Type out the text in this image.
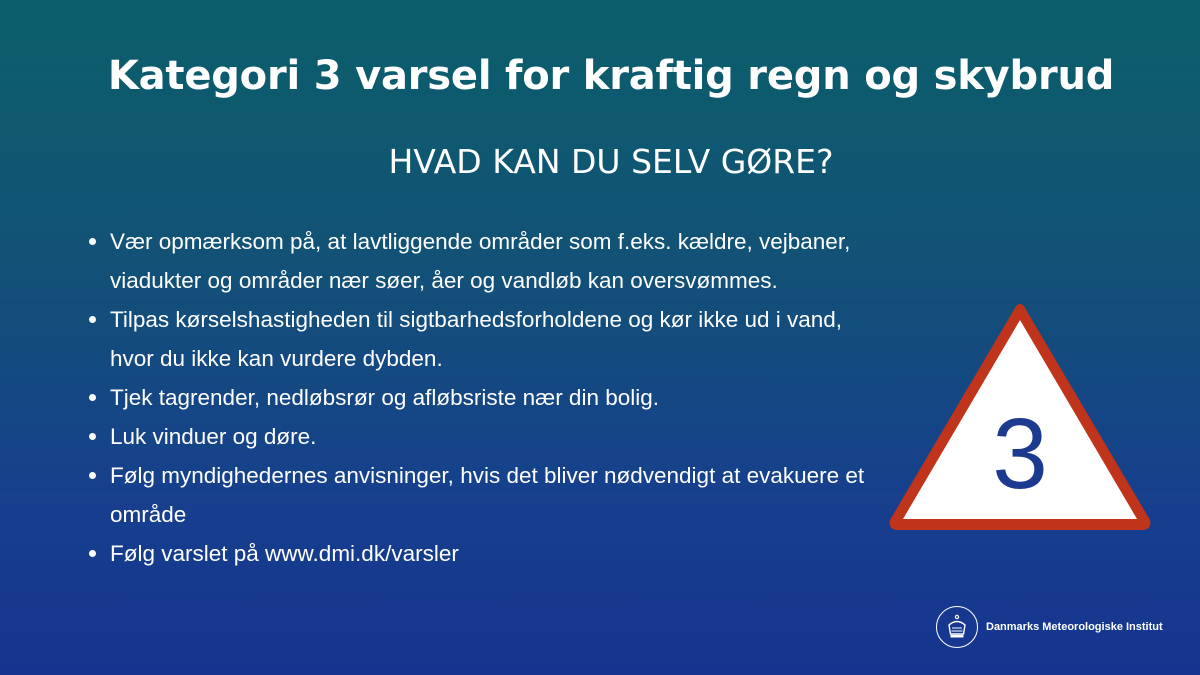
Kategori 3 varsel for kraftig regn og skybrud
HVAD KAN DU SELV GØRE?
Vær opmærksom på, at lavtliggende områder som f.eks. kældre, vejbaner, viadukter og områder nær søer, åer og vandløb kan oversvømmes.
Tilpas kørselshastigheden til sigtbarhedsforholdene og kør ikke ud i vand, hvor du ikke kan vurdere dybden.
Tjek tagrender, nedløbsrør og afløbsriste nær din bolig.
Luk vinduer og døre.
Følg myndighedernes anvisninger, hvis det bliver nødvendigt at evakuere et område
Følg varslet på www.dmi.dk/varsler
3
Danmarks Meteorologiske Institut
